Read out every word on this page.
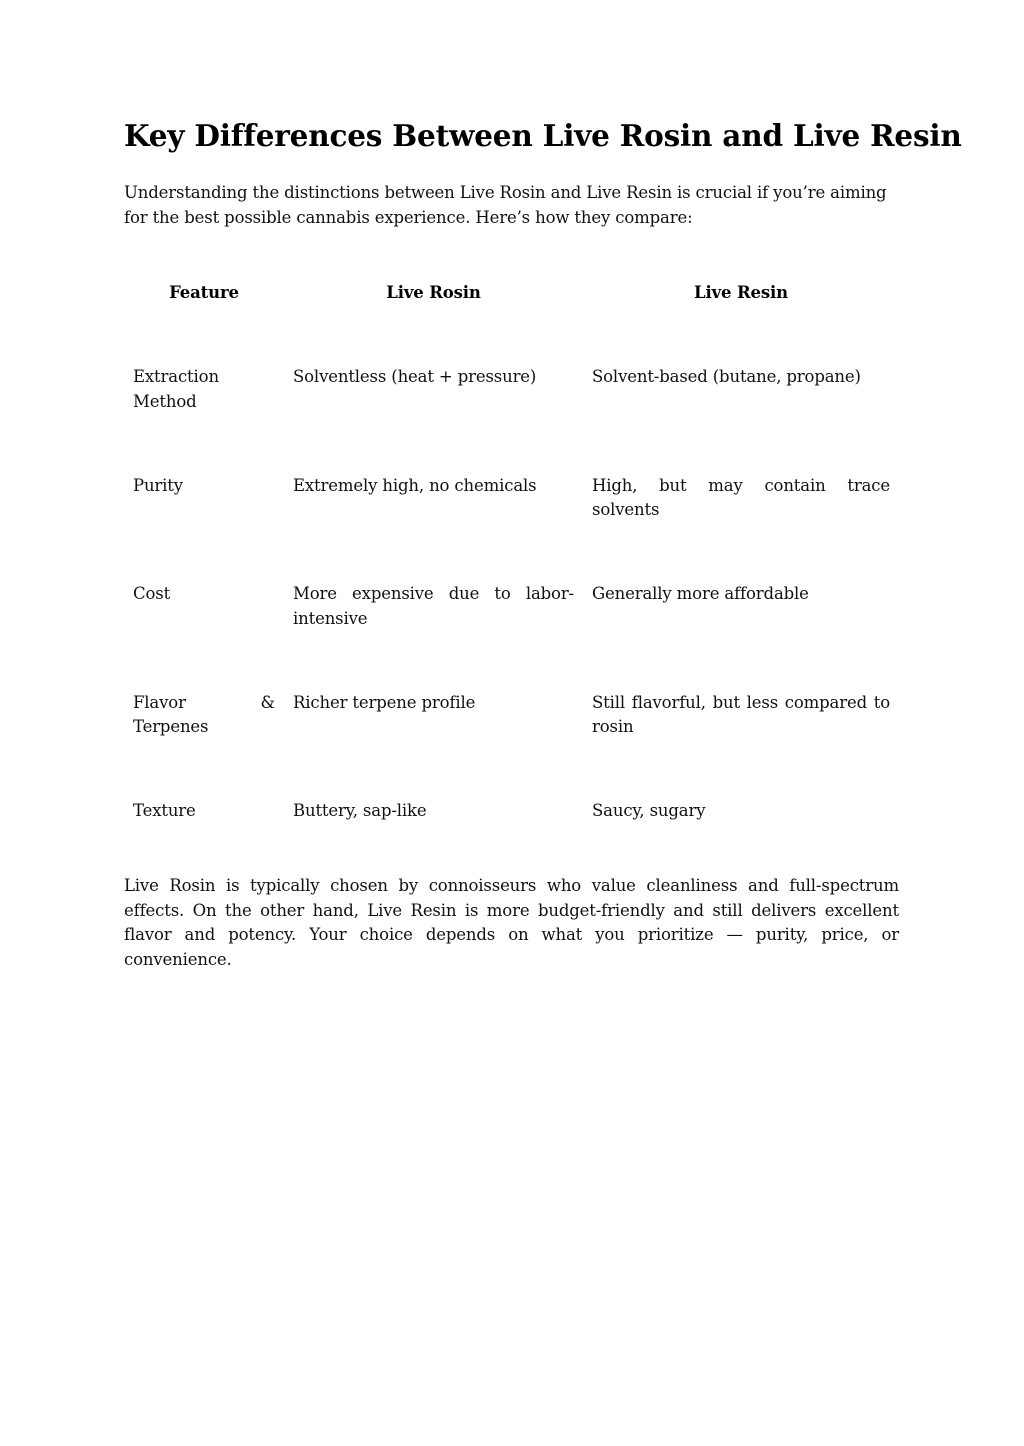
Key Differences Between Live Rosin and Live Resin

Understanding the distinctions between Live Rosin and Live Resin is crucial if you’re aiming for the best possible cannabis experience. Here’s how they compare:

Feature	Live Rosin	Live Resin
Extraction Method	Solventless (heat + pressure)	Solvent-based (butane, propane)
Purity	Extremely high, no chemicals	High, but may contain trace solvents
Cost	More expensive due to labor-intensive	Generally more affordable
Flavor & Terpenes	Richer terpene profile	Still flavorful, but less compared to rosin
Texture	Buttery, sap-like	Saucy, sugary

Live Rosin is typically chosen by connoisseurs who value cleanliness and full-spectrum effects. On the other hand, Live Resin is more budget-friendly and still delivers excellent flavor and potency. Your choice depends on what you prioritize — purity, price, or convenience.
